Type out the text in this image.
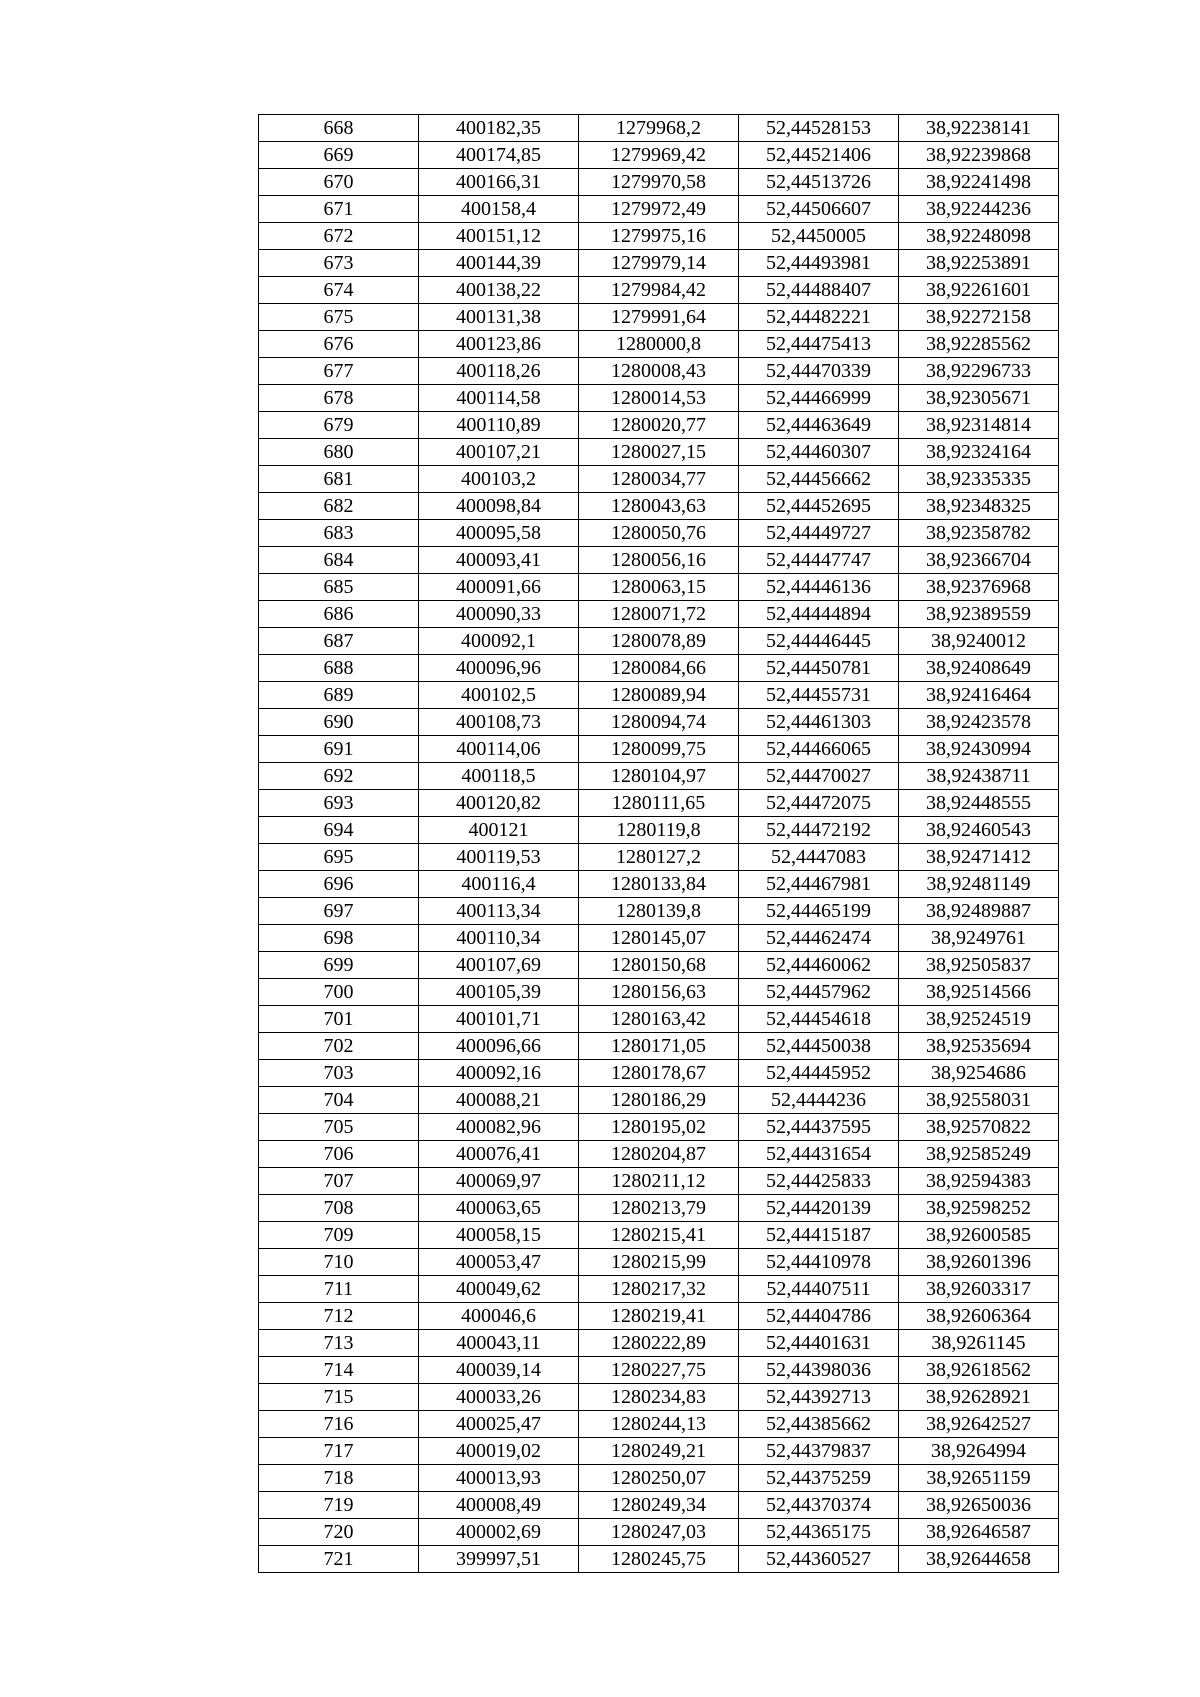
668	400182,35	1279968,2	52,44528153	38,92238141
669	400174,85	1279969,42	52,44521406	38,92239868
670	400166,31	1279970,58	52,44513726	38,92241498
671	400158,4	1279972,49	52,44506607	38,92244236
672	400151,12	1279975,16	52,4450005	38,92248098
673	400144,39	1279979,14	52,44493981	38,92253891
674	400138,22	1279984,42	52,44488407	38,92261601
675	400131,38	1279991,64	52,44482221	38,92272158
676	400123,86	1280000,8	52,44475413	38,92285562
677	400118,26	1280008,43	52,44470339	38,92296733
678	400114,58	1280014,53	52,44466999	38,92305671
679	400110,89	1280020,77	52,44463649	38,92314814
680	400107,21	1280027,15	52,44460307	38,92324164
681	400103,2	1280034,77	52,44456662	38,92335335
682	400098,84	1280043,63	52,44452695	38,92348325
683	400095,58	1280050,76	52,44449727	38,92358782
684	400093,41	1280056,16	52,44447747	38,92366704
685	400091,66	1280063,15	52,44446136	38,92376968
686	400090,33	1280071,72	52,44444894	38,92389559
687	400092,1	1280078,89	52,44446445	38,9240012
688	400096,96	1280084,66	52,44450781	38,92408649
689	400102,5	1280089,94	52,44455731	38,92416464
690	400108,73	1280094,74	52,44461303	38,92423578
691	400114,06	1280099,75	52,44466065	38,92430994
692	400118,5	1280104,97	52,44470027	38,92438711
693	400120,82	1280111,65	52,44472075	38,92448555
694	400121	1280119,8	52,44472192	38,92460543
695	400119,53	1280127,2	52,4447083	38,92471412
696	400116,4	1280133,84	52,44467981	38,92481149
697	400113,34	1280139,8	52,44465199	38,92489887
698	400110,34	1280145,07	52,44462474	38,9249761
699	400107,69	1280150,68	52,44460062	38,92505837
700	400105,39	1280156,63	52,44457962	38,92514566
701	400101,71	1280163,42	52,44454618	38,92524519
702	400096,66	1280171,05	52,44450038	38,92535694
703	400092,16	1280178,67	52,44445952	38,9254686
704	400088,21	1280186,29	52,4444236	38,92558031
705	400082,96	1280195,02	52,44437595	38,92570822
706	400076,41	1280204,87	52,44431654	38,92585249
707	400069,97	1280211,12	52,44425833	38,92594383
708	400063,65	1280213,79	52,44420139	38,92598252
709	400058,15	1280215,41	52,44415187	38,92600585
710	400053,47	1280215,99	52,44410978	38,92601396
711	400049,62	1280217,32	52,44407511	38,92603317
712	400046,6	1280219,41	52,44404786	38,92606364
713	400043,11	1280222,89	52,44401631	38,9261145
714	400039,14	1280227,75	52,44398036	38,92618562
715	400033,26	1280234,83	52,44392713	38,92628921
716	400025,47	1280244,13	52,44385662	38,92642527
717	400019,02	1280249,21	52,44379837	38,9264994
718	400013,93	1280250,07	52,44375259	38,92651159
719	400008,49	1280249,34	52,44370374	38,92650036
720	400002,69	1280247,03	52,44365175	38,92646587
721	399997,51	1280245,75	52,44360527	38,92644658
